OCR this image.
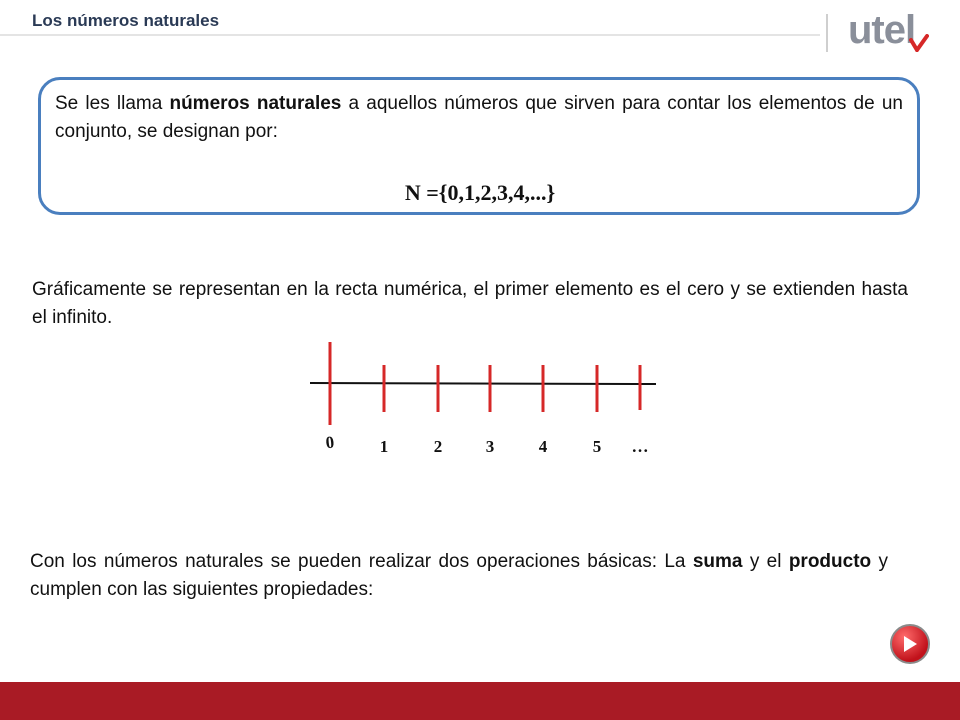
Los números naturales	utel
Se les llama números naturales a aquellos números que sirven para contar los elementos de un conjunto, se designan por:
N ={0,1,2,3,4,...}
Gráficamente se representan en la recta numérica, el primer elemento es el cero y se extienden hasta el infinito.
0	1	2	3	4	5 …
Con los números naturales se pueden realizar dos operaciones básicas: La suma y el producto y cumplen con las siguientes propiedades:
